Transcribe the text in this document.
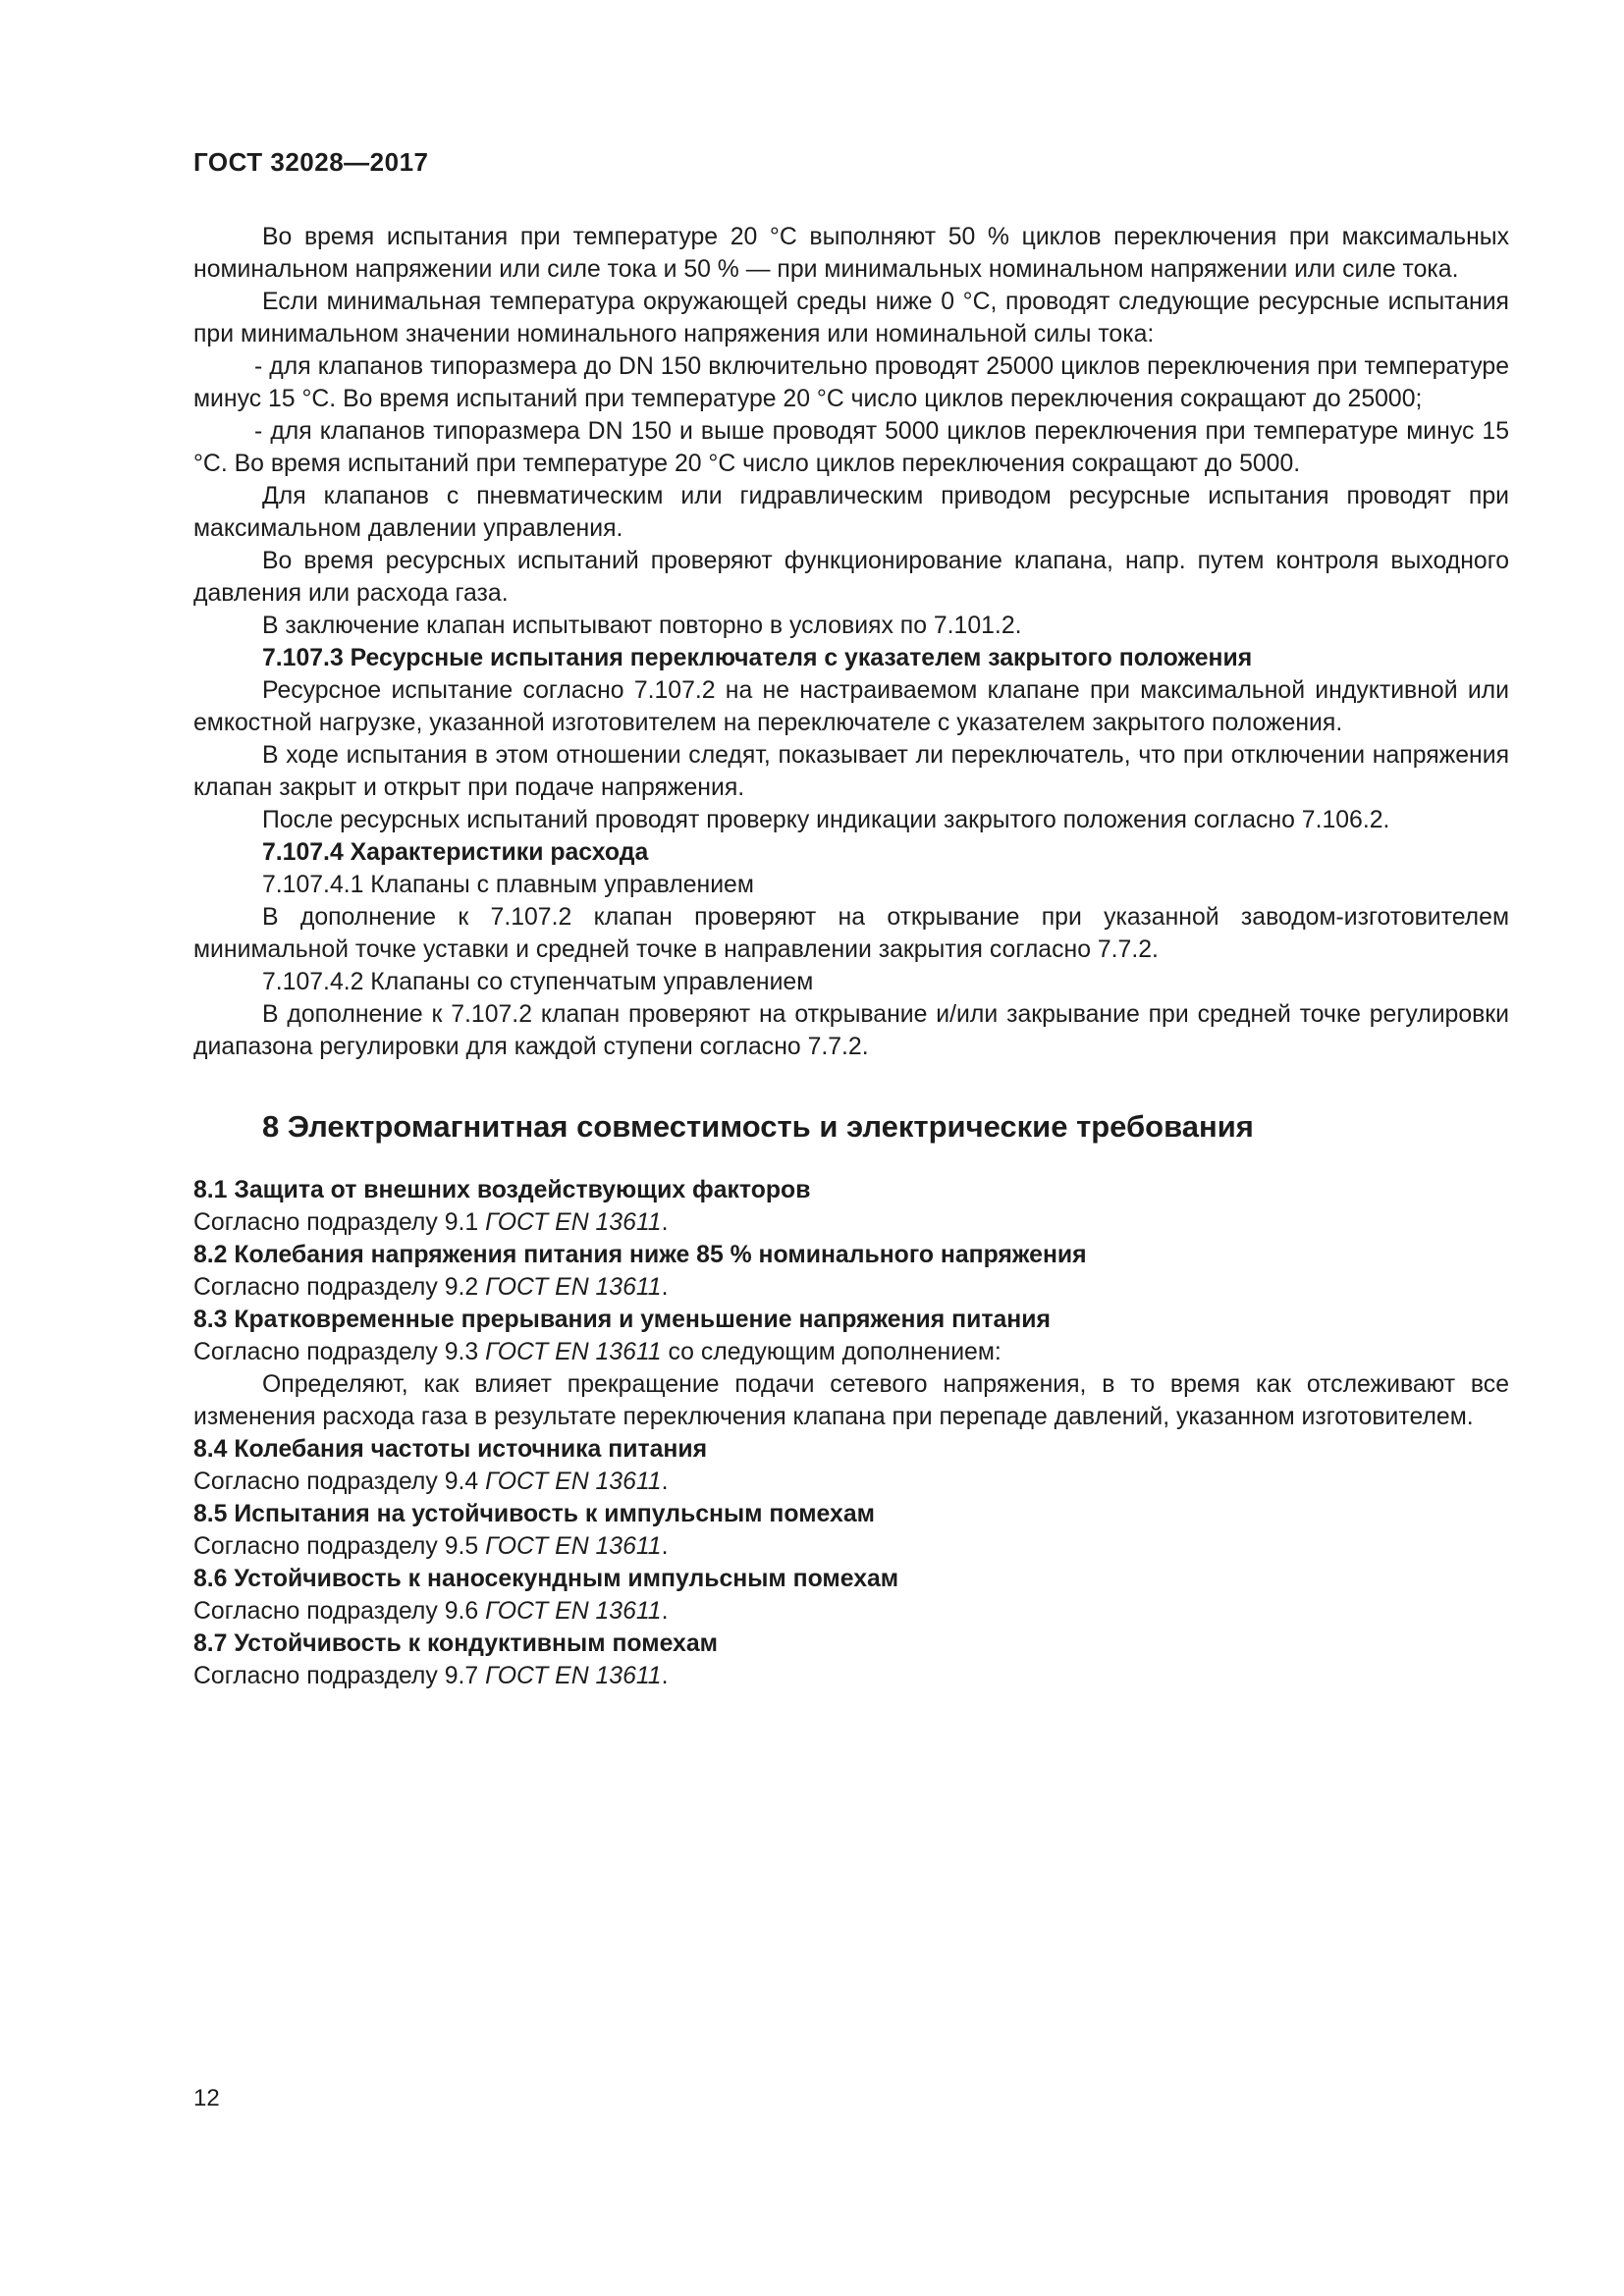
ГОСТ 32028—2017

Во время испытания при температуре 20 °C выполняют 50 % циклов переключения при максимальных номинальном напряжении или силе тока и 50 % — при минимальных номинальном напряжении или силе тока.

Если минимальная температура окружающей среды ниже 0 °C, проводят следующие ресурсные испытания при минимальном значении номинального напряжения или номинальной силы тока:

- для клапанов типоразмера до DN 150 включительно проводят 25000 циклов переключения при температуре минус 15 °C. Во время испытаний при температуре 20 °C число циклов переключения сокращают до 25000;

- для клапанов типоразмера DN 150 и выше проводят 5000 циклов переключения при температуре минус 15 °C. Во время испытаний при температуре 20 °C число циклов переключения сокращают до 5000.

Для клапанов с пневматическим или гидравлическим приводом ресурсные испытания проводят при максимальном давлении управления.

Во время ресурсных испытаний проверяют функционирование клапана, напр. путем контроля выходного давления или расхода газа.

В заключение клапан испытывают повторно в условиях по 7.101.2.

7.107.3 Ресурсные испытания переключателя с указателем закрытого положения

Ресурсное испытание согласно 7.107.2 на не настраиваемом клапане при максимальной индуктивной или емкостной нагрузке, указанной изготовителем на переключателе с указателем закрытого положения.

В ходе испытания в этом отношении следят, показывает ли переключатель, что при отключении напряжения клапан закрыт и открыт при подаче напряжения.

После ресурсных испытаний проводят проверку индикации закрытого положения согласно 7.106.2.

7.107.4 Характеристики расхода

7.107.4.1 Клапаны с плавным управлением

В дополнение к 7.107.2 клапан проверяют на открывание при указанной заводом-изготовителем минимальной точке уставки и средней точке в направлении закрытия согласно 7.7.2.

7.107.4.2 Клапаны со ступенчатым управлением

В дополнение к 7.107.2 клапан проверяют на открывание и/или закрывание при средней точке регулировки диапазона регулировки для каждой ступени согласно 7.7.2.

8 Электромагнитная совместимость и электрические требования

8.1 Защита от внешних воздействующих факторов

Согласно подразделу 9.1 ГОСТ EN 13611.

8.2 Колебания напряжения питания ниже 85 % номинального напряжения

Согласно подразделу 9.2 ГОСТ EN 13611.

8.3 Кратковременные прерывания и уменьшение напряжения питания

Согласно подразделу 9.3 ГОСТ EN 13611 со следующим дополнением:

Определяют, как влияет прекращение подачи сетевого напряжения, в то время как отслеживают все изменения расхода газа в результате переключения клапана при перепаде давлений, указанном изготовителем.

8.4 Колебания частоты источника питания

Согласно подразделу 9.4 ГОСТ EN 13611.

8.5 Испытания на устойчивость к импульсным помехам

Согласно подразделу 9.5 ГОСТ EN 13611.

8.6 Устойчивость к наносекундным импульсным помехам

Согласно подразделу 9.6 ГОСТ EN 13611.

8.7 Устойчивость к кондуктивным помехам

Согласно подразделу 9.7 ГОСТ EN 13611.

12
